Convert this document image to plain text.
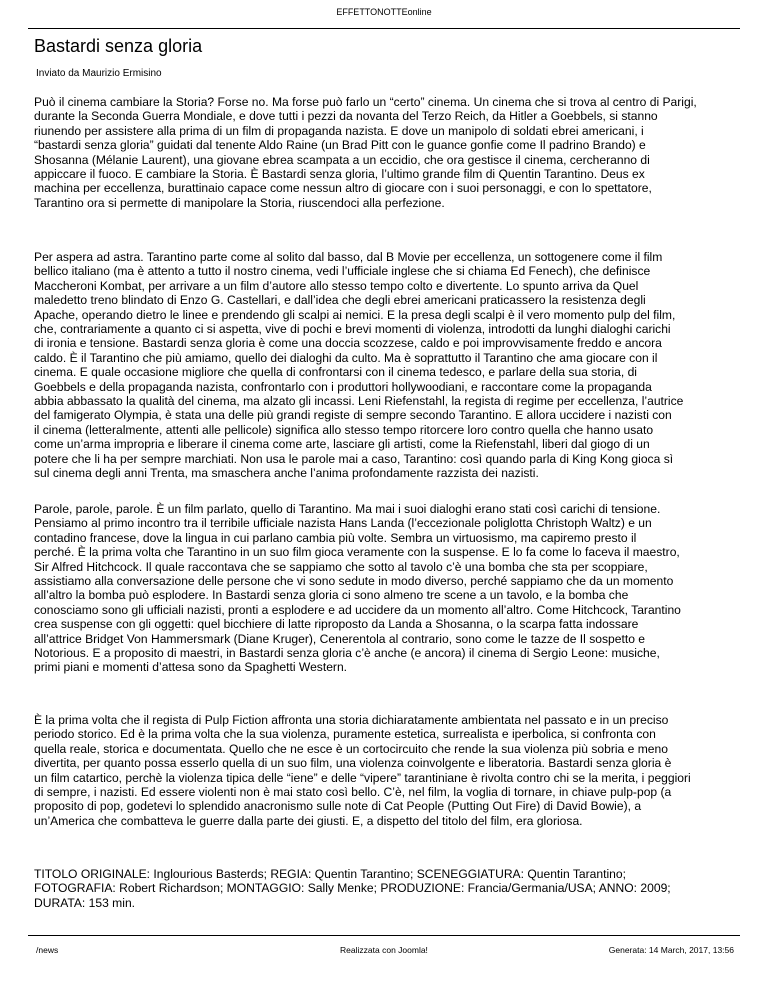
EFFETTONOTTEonline
Bastardi senza gloria
Inviato da Maurizio Ermisino

Può il cinema cambiare la Storia? Forse no. Ma forse può farlo un “certo” cinema. Un cinema che si trova al centro di Parigi,
durante la Seconda Guerra Mondiale, e dove tutti i pezzi da novanta del Terzo Reich, da Hitler a Goebbels, si stanno
riunendo per assistere alla prima di un film di propaganda nazista. E dove un manipolo di soldati ebrei americani, i
“bastardi senza gloria” guidati dal tenente Aldo Raine (un Brad Pitt con le guance gonfie come Il padrino Brando) e
Shosanna (Mélanie Laurent), una giovane ebrea scampata a un eccidio, che ora gestisce il cinema, cercheranno di
appiccare il fuoco. E cambiare la Storia. È Bastardi senza gloria, l’ultimo grande film di Quentin Tarantino. Deus ex
machina per eccellenza, burattinaio capace come nessun altro di giocare con i suoi personaggi, e con lo spettatore,
Tarantino ora si permette di manipolare la Storia, riuscendoci alla perfezione.

Per aspera ad astra. Tarantino parte come al solito dal basso, dal B Movie per eccellenza, un sottogenere come il film
bellico italiano (ma è attento a tutto il nostro cinema, vedi l’ufficiale inglese che si chiama Ed Fenech), che definisce
Maccheroni Kombat, per arrivare a un film d’autore allo stesso tempo colto e divertente. Lo spunto arriva da Quel
maledetto treno blindato di Enzo G. Castellari, e dall’idea che degli ebrei americani praticassero la resistenza degli
Apache, operando dietro le linee e prendendo gli scalpi ai nemici. E la presa degli scalpi è il vero momento pulp del film,
che, contrariamente a quanto ci si aspetta, vive di pochi e brevi momenti di violenza, introdotti da lunghi dialoghi carichi
di ironia e tensione. Bastardi senza gloria è come una doccia scozzese, caldo e poi improvvisamente freddo e ancora
caldo. È il Tarantino che più amiamo, quello dei dialoghi da culto. Ma è soprattutto il Tarantino che ama giocare con il
cinema. E quale occasione migliore che quella di confrontarsi con il cinema tedesco, e parlare della sua storia, di
Goebbels e della propaganda nazista, confrontarlo con i produttori hollywoodiani, e raccontare come la propaganda
abbia abbassato la qualità del cinema, ma alzato gli incassi. Leni Riefenstahl, la regista di regime per eccellenza, l’autrice
del famigerato Olympia, è stata una delle più grandi registe di sempre secondo Tarantino. E allora uccidere i nazisti con
il cinema (letteralmente, attenti alle pellicole) significa allo stesso tempo ritorcere loro contro quella che hanno usato
come un’arma impropria e liberare il cinema come arte, lasciare gli artisti, come la Riefenstahl, liberi dal giogo di un
potere che li ha per sempre marchiati. Non usa le parole mai a caso, Tarantino: così quando parla di King Kong gioca sì
sul cinema degli anni Trenta, ma smaschera anche l’anima profondamente razzista dei nazisti.

Parole, parole, parole. È un film parlato, quello di Tarantino. Ma mai i suoi dialoghi erano stati così carichi di tensione.
Pensiamo al primo incontro tra il terribile ufficiale nazista Hans Landa (l’eccezionale poliglotta Christoph Waltz) e un
contadino francese, dove la lingua in cui parlano cambia più volte. Sembra un virtuosismo, ma capiremo presto il
perché. È la prima volta che Tarantino in un suo film gioca veramente con la suspense. E lo fa come lo faceva il maestro,
Sir Alfred Hitchcock. Il quale raccontava che se sappiamo che sotto al tavolo c’è una bomba che sta per scoppiare,
assistiamo alla conversazione delle persone che vi sono sedute in modo diverso, perché sappiamo che da un momento
all’altro la bomba può esplodere. In Bastardi senza gloria ci sono almeno tre scene a un tavolo, e la bomba che
conosciamo sono gli ufficiali nazisti, pronti a esplodere e ad uccidere da un momento all’altro. Come Hitchcock, Tarantino
crea suspense con gli oggetti: quel bicchiere di latte riproposto da Landa a Shosanna, o la scarpa fatta indossare
all’attrice Bridget Von Hammersmark (Diane Kruger), Cenerentola al contrario, sono come le tazze de Il sospetto e
Notorious. E a proposito di maestri, in Bastardi senza gloria c’è anche (e ancora) il cinema di Sergio Leone: musiche,
primi piani e momenti d’attesa sono da Spaghetti Western.

È la prima volta che il regista di Pulp Fiction affronta una storia dichiaratamente ambientata nel passato e in un preciso
periodo storico. Ed è la prima volta che la sua violenza, puramente estetica, surrealista e iperbolica, si confronta con
quella reale, storica e documentata. Quello che ne esce è un cortocircuito che rende la sua violenza più sobria e meno
divertita, per quanto possa esserlo quella di un suo film, una violenza coinvolgente e liberatoria. Bastardi senza gloria è
un film catartico, perchè la violenza tipica delle “iene” e delle “vipere” tarantiniane è rivolta contro chi se la merita, i peggiori
di sempre, i nazisti. Ed essere violenti non è mai stato così bello. C’è, nel film, la voglia di tornare, in chiave pulp-pop (a
proposito di pop, godetevi lo splendido anacronismo sulle note di Cat People (Putting Out Fire) di David Bowie), a
un’America che combatteva le guerre dalla parte dei giusti. E, a dispetto del titolo del film, era gloriosa.

TITOLO ORIGINALE: Inglourious Basterds; REGIA: Quentin Tarantino; SCENEGGIATURA: Quentin Tarantino;
FOTOGRAFIA: Robert Richardson; MONTAGGIO: Sally Menke; PRODUZIONE: Francia/Germania/USA; ANNO: 2009;
DURATA: 153 min.

/news	Realizzata con Joomla!	Generata: 14 March, 2017, 13:56
